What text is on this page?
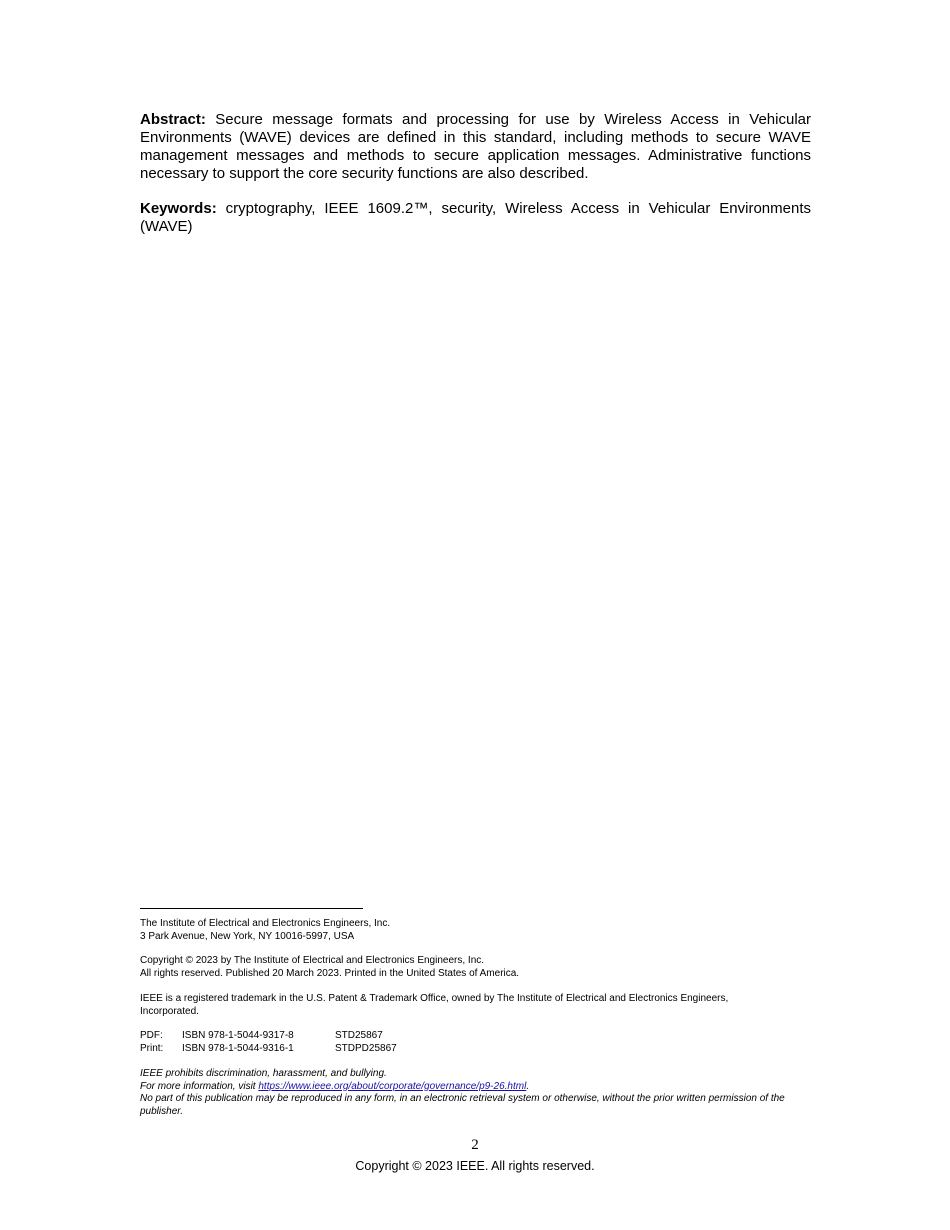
Abstract: Secure message formats and processing for use by Wireless Access in Vehicular Environments (WAVE) devices are defined in this standard, including methods to secure WAVE management messages and methods to secure application messages. Administrative functions necessary to support the core security functions are also described.

Keywords: cryptography, IEEE 1609.2™, security, Wireless Access in Vehicular Environments (WAVE)

The Institute of Electrical and Electronics Engineers, Inc.
3 Park Avenue, New York, NY 10016-5997, USA

Copyright © 2023 by The Institute of Electrical and Electronics Engineers, Inc.
All rights reserved. Published 20 March 2023. Printed in the United States of America.

IEEE is a registered trademark in the U.S. Patent & Trademark Office, owned by The Institute of Electrical and Electronics Engineers, Incorporated.

PDF: ISBN 978-1-5044-9317-8	STD25867
Print: ISBN 978-1-5044-9316-1	STDPD25867

IEEE prohibits discrimination, harassment, and bullying.
For more information, visit https://www.ieee.org/about/corporate/governance/p9-26.html.
No part of this publication may be reproduced in any form, in an electronic retrieval system or otherwise, without the prior written permission of the publisher.

2
Copyright © 2023 IEEE. All rights reserved.
